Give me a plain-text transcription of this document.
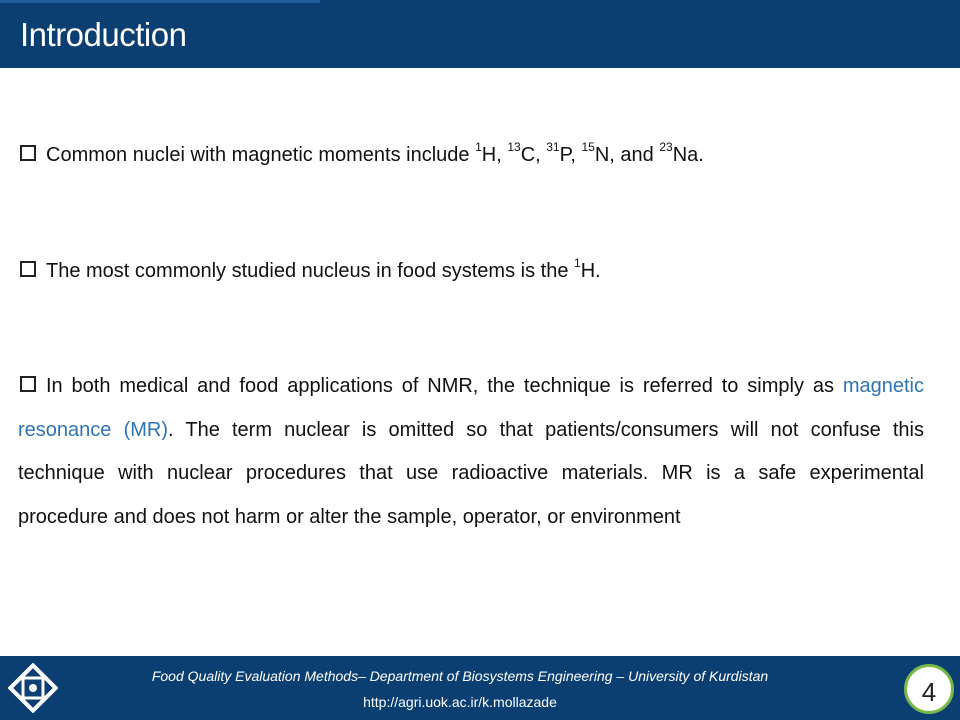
Introduction
Common nuclei with magnetic moments include $^1$H, $^{13}$C, $^{31}$P, $^{15}$N, and $^{23}$Na.
The most commonly studied nucleus in food systems is the $^1$H.
In both medical and food applications of NMR, the technique is referred to simply as magnetic resonance (MR). The term nuclear is omitted so that patients/consumers will not confuse this technique with nuclear procedures that use radioactive materials. MR is a safe experimental procedure and does not harm or alter the sample, operator, or environment
Food Quality Evaluation Methods– Department of Biosystems Engineering – University of Kurdistan
http://agri.uok.ac.ir/k.mollazade	4
